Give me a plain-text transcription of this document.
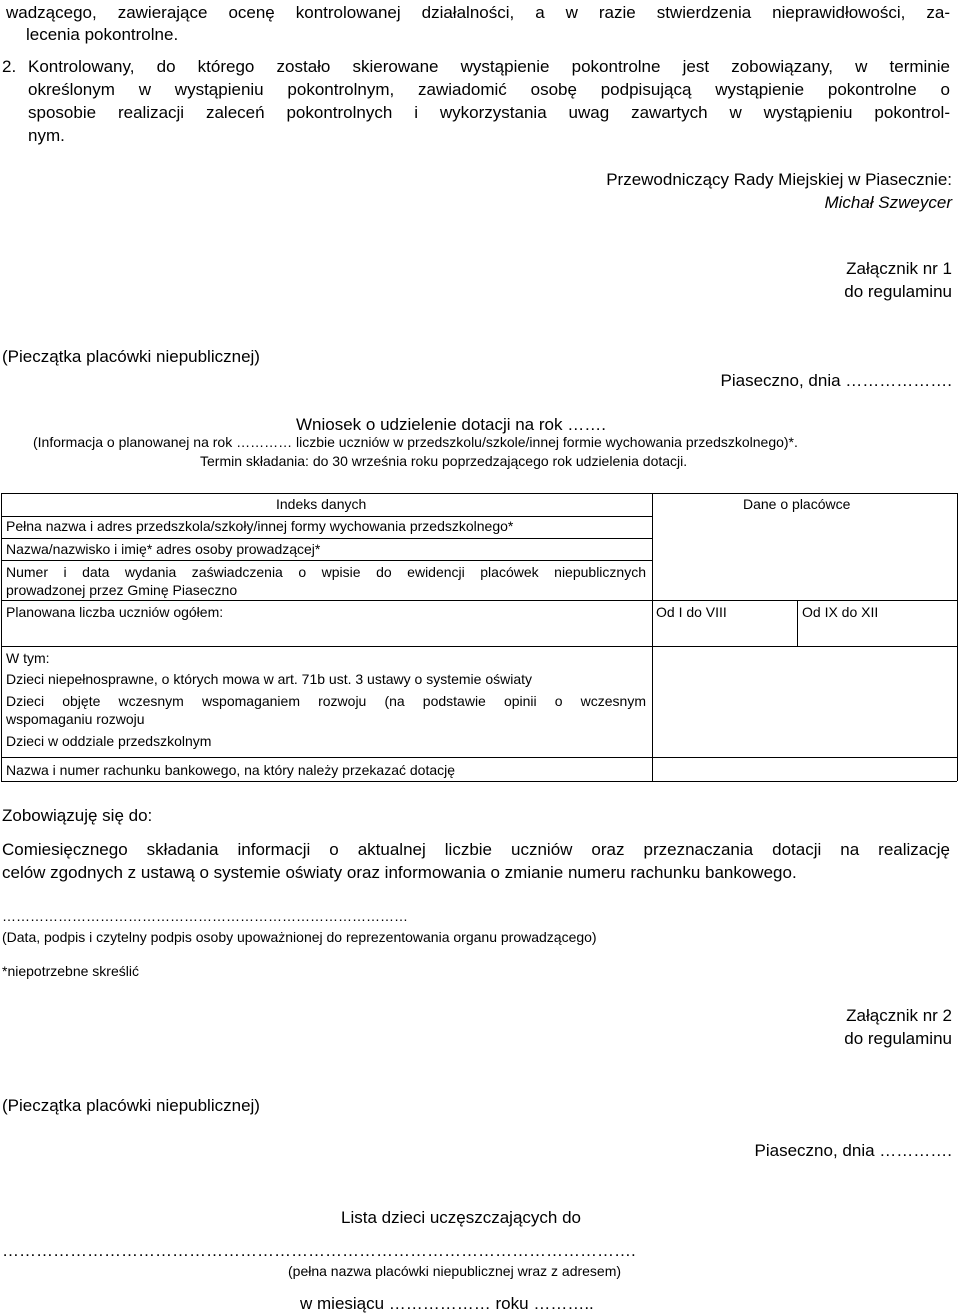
wadzącego, zawierające ocenę kontrolowanej działalności, a w razie stwierdzenia nieprawidłowości, za-
lecenia pokontrolne.
2. Kontrolowany, do którego zostało skierowane wystąpienie pokontrolne jest zobowiązany, w terminie
określonym w wystąpieniu pokontrolnym, zawiadomić osobę podpisującą wystąpienie pokontrolne o
sposobie realizacji zaleceń pokontrolnych i wykorzystania uwag zawartych w wystąpieniu pokontrol-
nym.
Przewodniczący Rady Miejskiej w Piasecznie:
Michał Szweycer
Załącznik nr 1
do regulaminu
(Pieczątka placówki niepublicznej)
Piaseczno, dnia ……………….
Wniosek o udzielenie dotacji na rok …….
(Informacja o planowanej na rok ………… liczbie uczniów w przedszkolu/szkole/innej formie wychowania przedszkolnego)*.
Termin składania: do 30 września roku poprzedzającego rok udzielenia dotacji.
Indeks danych	Dane o placówce
Pełna nazwa i adres przedszkola/szkoły/innej formy wychowania przedszkolnego*
Nazwa/nazwisko i imię* adres osoby prowadzącej*
Numer i data wydania zaświadczenia o wpisie do ewidencji placówek niepublicznych
prowadzonej przez Gminę Piaseczno
Planowana liczba uczniów ogółem:	Od I do VIII	Od IX do XII
W tym:
Dzieci niepełnosprawne, o których mowa w art. 71b ust. 3 ustawy o systemie oświaty
Dzieci objęte wczesnym wspomaganiem rozwoju (na podstawie opinii o wczesnym
wspomaganiu rozwoju
Dzieci w oddziale przedszkolnym
Nazwa i numer rachunku bankowego, na który należy przekazać dotację
Zobowiązuję się do:
Comiesięcznego składania informacji o aktualnej liczbie uczniów oraz przeznaczania dotacji na realizację
celów zgodnych z ustawą o systemie oświaty oraz informowania o zmianie numeru rachunku bankowego.
……………………………………………………………………………
(Data, podpis i czytelny podpis osoby upoważnionej do reprezentowania organu prowadzącego)
*niepotrzebne skreślić
Załącznik nr 2
do regulaminu
(Pieczątka placówki niepublicznej)
Piaseczno, dnia ………….
Lista dzieci uczęszczających do
………………………………………………………………………………………………….
(pełna nazwa placówki niepublicznej wraz z adresem)
w miesiącu ……………… roku ………..
